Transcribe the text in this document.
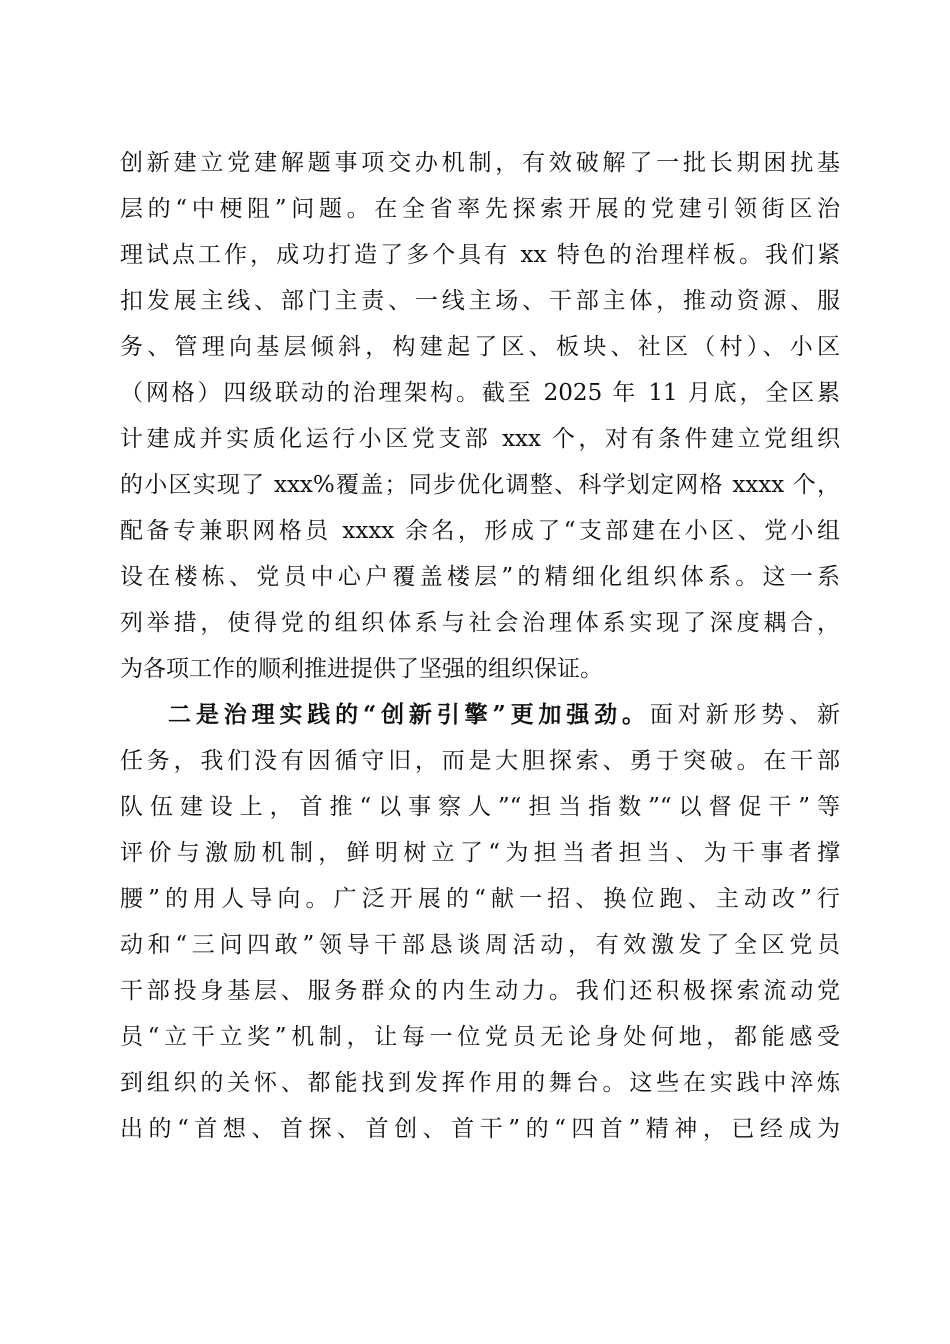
创新建立党建解题事项交办机制，有效破解了一批长期困扰基
层的“中梗阻”问题。在全省率先探索开展的党建引领街区治
理试点工作，成功打造了多个具有 xx 特色的治理样板。我们紧
扣发展主线、部门主责、一线主场、干部主体，推动资源、服
务、管理向基层倾斜，构建起了区、板块、社区（村）、小区
（网格）四级联动的治理架构。截至 2025 年 11 月底，全区累
计建成并实质化运行小区党支部 xxx 个，对有条件建立党组织
的小区实现了 xxx%覆盖；同步优化调整、科学划定网格 xxxx 个，
配备专兼职网格员 xxxx 余名，形成了“支部建在小区、党小组
设在楼栋、党员中心户覆盖楼层”的精细化组织体系。这一系
列举措，使得党的组织体系与社会治理体系实现了深度耦合，
为各项工作的顺利推进提供了坚强的组织保证。
二是治理实践的“创新引擎”更加强劲。面对新形势、新
任务，我们没有因循守旧，而是大胆探索、勇于突破。在干部
队伍建设上，首推“以事察人”“担当指数”“以督促干”等
评价与激励机制，鲜明树立了“为担当者担当、为干事者撑
腰”的用人导向。广泛开展的“献一招、换位跑、主动改”行
动和“三问四敢”领导干部恳谈周活动，有效激发了全区党员
干部投身基层、服务群众的内生动力。我们还积极探索流动党
员“立干立奖”机制，让每一位党员无论身处何地，都能感受
到组织的关怀、都能找到发挥作用的舞台。这些在实践中淬炼
出的“首想、首探、首创、首干”的“四首”精神，已经成为
